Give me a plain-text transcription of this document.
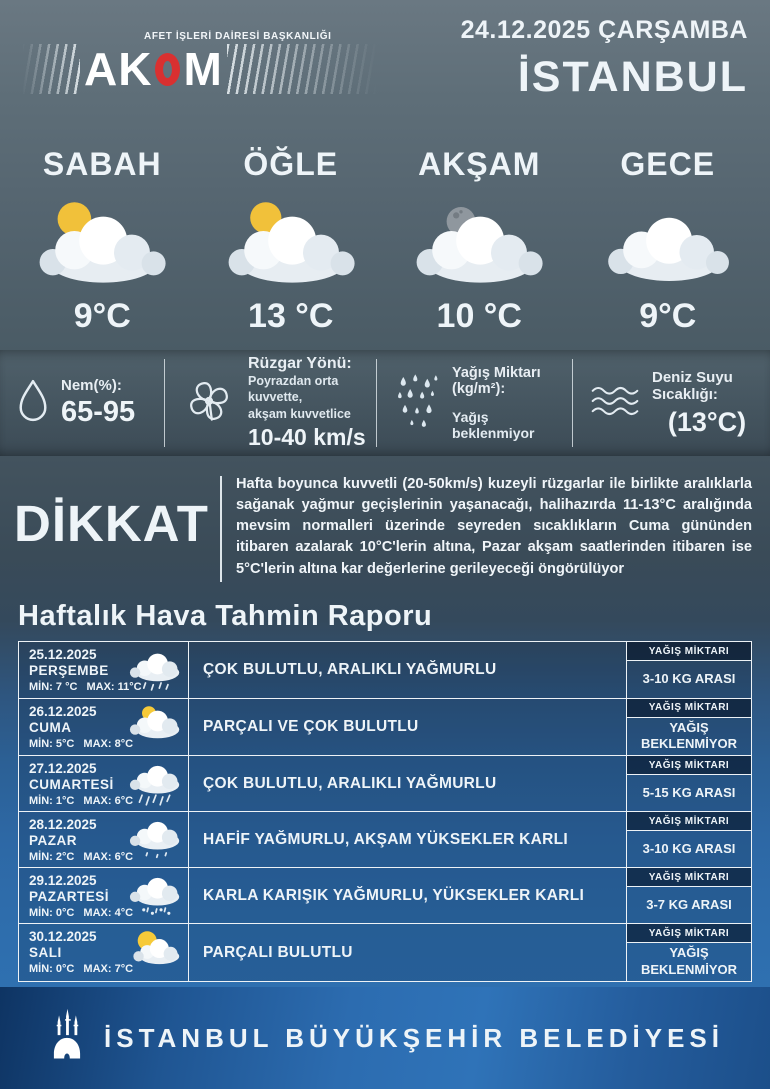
AFET İŞLERİ DAİRESİ BAŞKANLIĞI
AK M
24.12.2025 ÇARŞAMBA
İSTANBUL
SABAH
9°C
ÖĞLE
13 °C
AKŞAM
10 °C
GECE
9°C
Nem(%):
65-95
Rüzgar Yönü:
Poyrazdan orta kuvvette,
akşam kuvvetlice
10-40 km/s
Yağış Miktarı (kg/m²):
Yağış beklenmiyor
Deniz Suyu Sıcaklığı:
(13°C)
DİKKAT

Hafta boyunca kuvvetli (20-50km/s) kuzeyli rüzgarlar ile birlikte aralıklarla sağanak yağmur geçişlerinin yaşanacağı, halihazırda 11-13°C aralığında mevsim normalleri üzerinde seyreden sıcaklıkların Cuma gününden itibaren azalarak 10°C'lerin altına, Pazar akşam saatlerinden itibaren ise 5°C'lerin altına kar değerlerine gerileyeceği öngörülüyor

Haftalık Hava Tahmin Raporu
25.12.2025
PERŞEMBE
MİN: 7 °C MAX: 11°C
ÇOK BULUTLU, ARALIKLI YAĞMURLU
YAĞIŞ MİKTARI
3-10 KG ARASI
26.12.2025
CUMA
MİN: 5°C MAX: 8°C
PARÇALI VE ÇOK BULUTLU
YAĞIŞ MİKTARI
YAĞIŞ BEKLENMİYOR
27.12.2025
CUMARTESİ
MİN: 1°C MAX: 6°C
ÇOK BULUTLU, ARALIKLI YAĞMURLU
YAĞIŞ MİKTARI
5-15 KG ARASI
28.12.2025
PAZAR
MİN: 2°C MAX: 6°C
HAFİF YAĞMURLU, AKŞAM YÜKSEKLER KARLI
YAĞIŞ MİKTARI
3-10 KG ARASI
29.12.2025
PAZARTESİ
MİN: 0°C MAX: 4°C
KARLA KARIŞIK YAĞMURLU, YÜKSEKLER KARLI
YAĞIŞ MİKTARI
3-7 KG ARASI
30.12.2025
SALI
MİN: 0°C MAX: 7°C
PARÇALI BULUTLU
YAĞIŞ MİKTARI
YAĞIŞ BEKLENMİYOR
İSTANBUL BÜYÜKŞEHİR BELEDİYESİ
